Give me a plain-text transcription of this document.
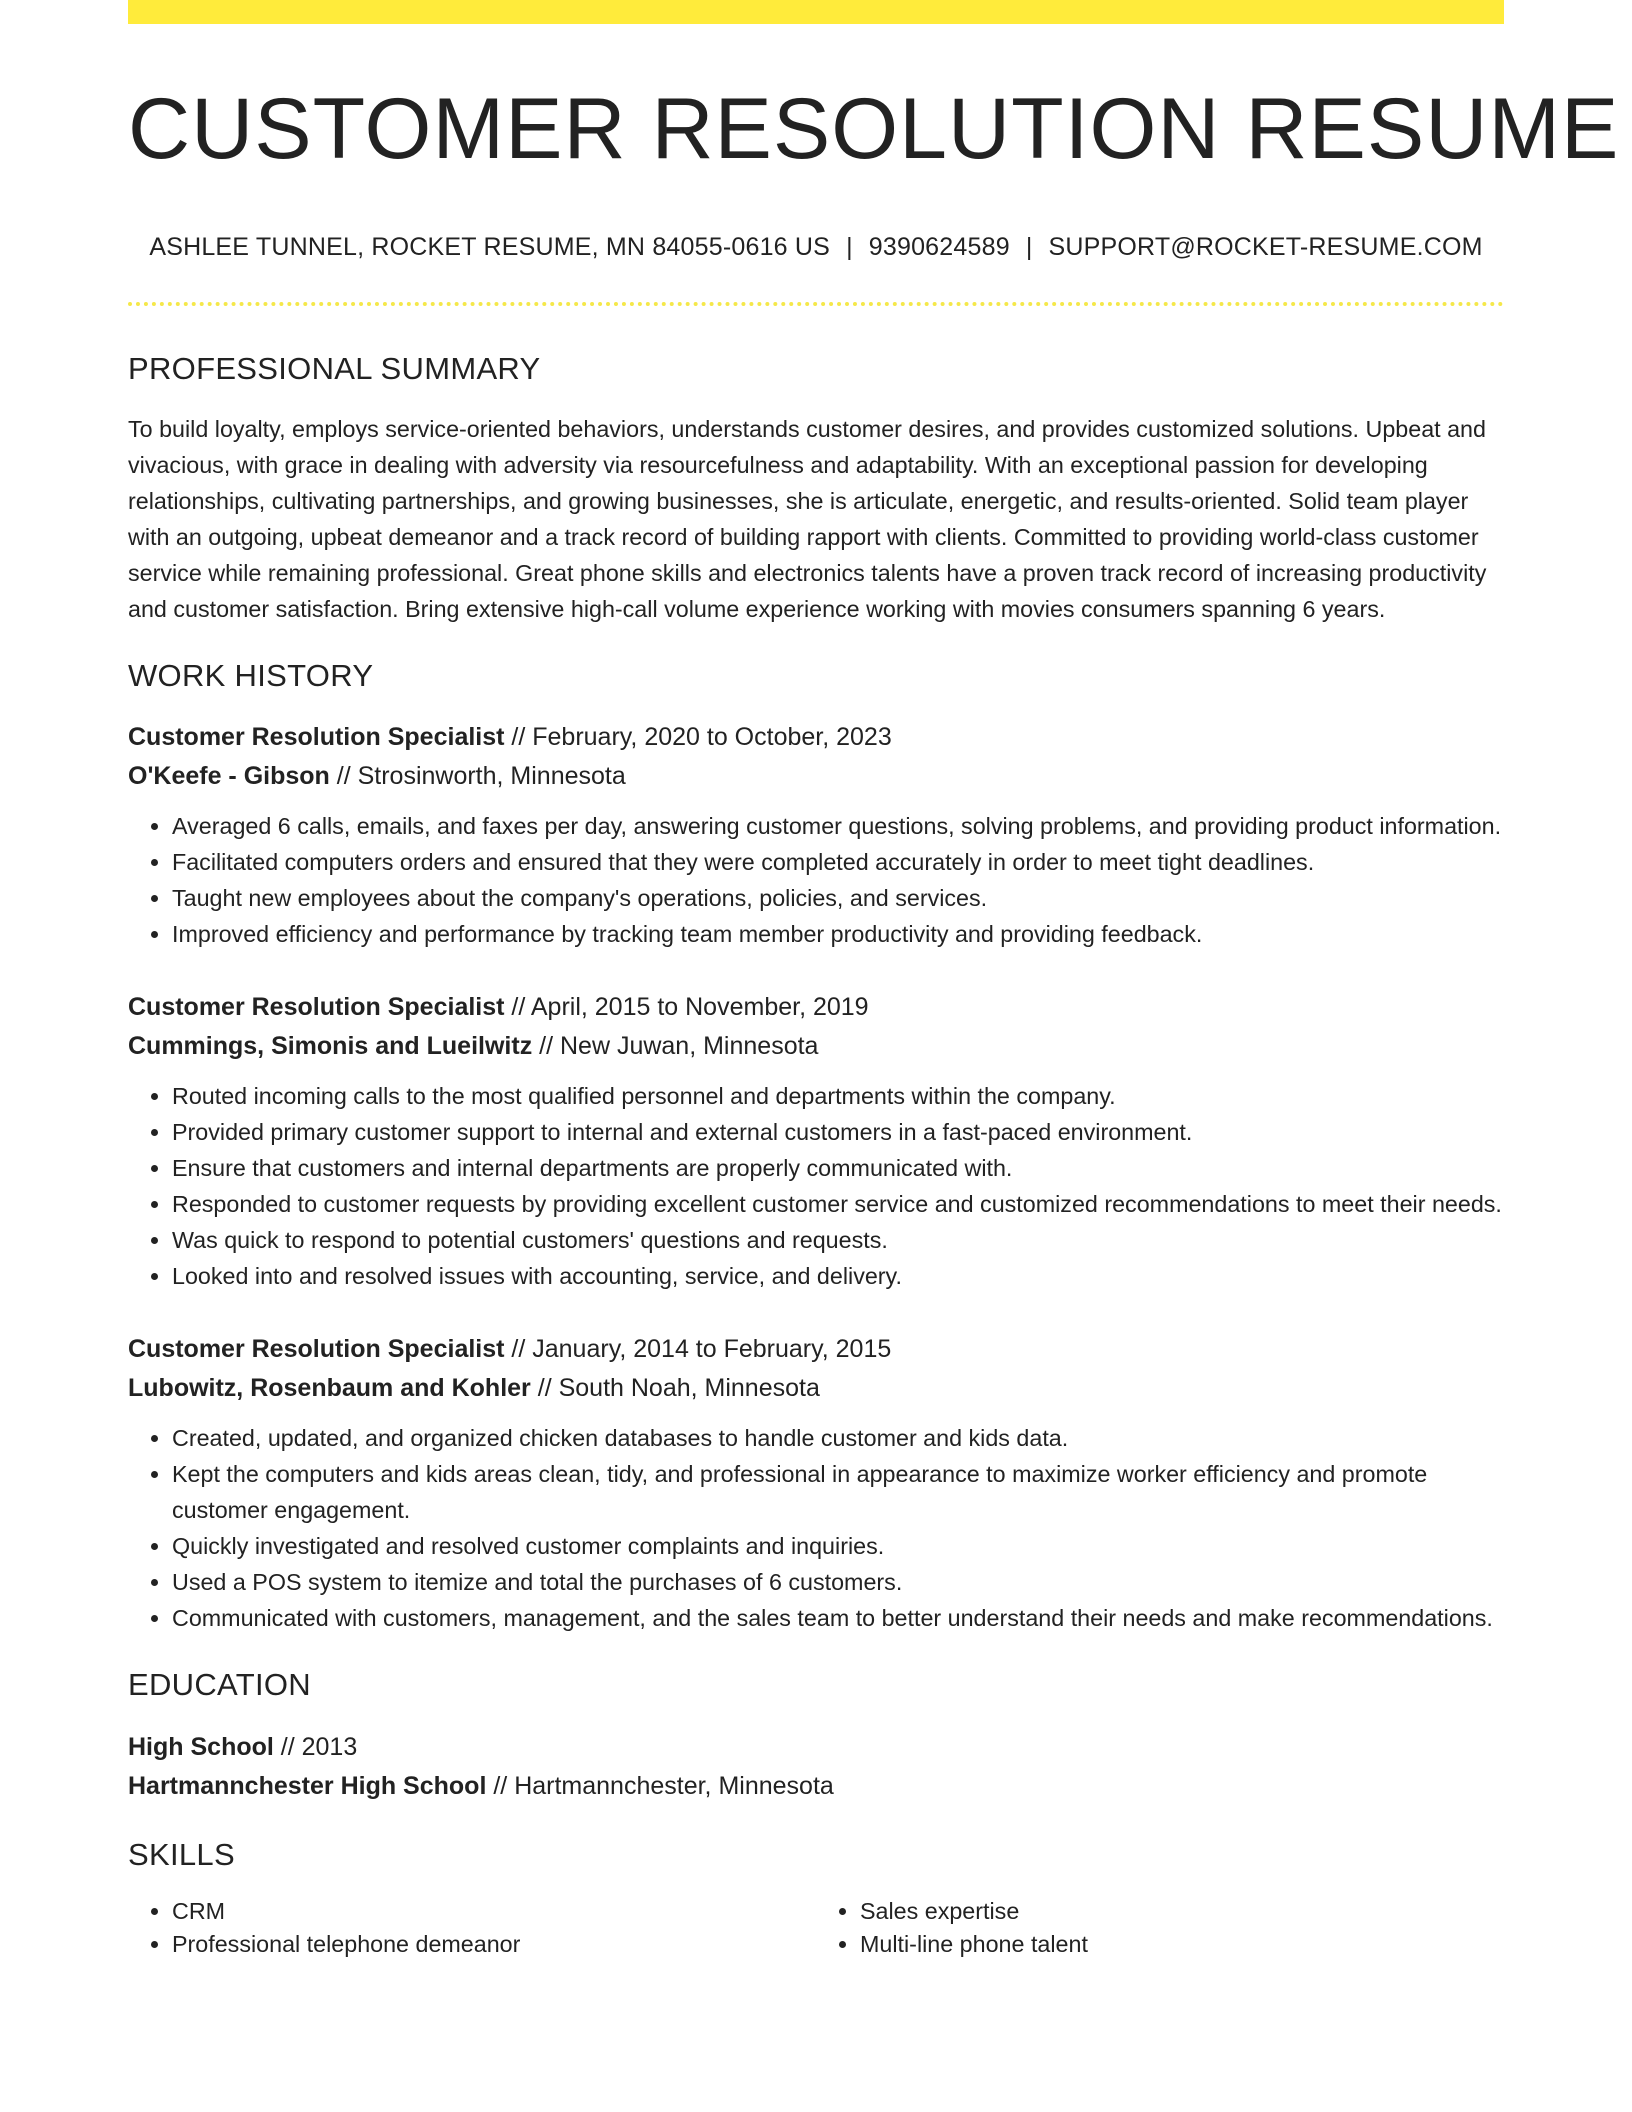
CUSTOMER RESOLUTION RESUME
ASHLEE TUNNEL, ROCKET RESUME, MN 84055-0616 US | 9390624589 | SUPPORT@ROCKET-RESUME.COM
PROFESSIONAL SUMMARY

To build loyalty, employs service-oriented behaviors, understands customer desires, and provides customized solutions. Upbeat and vivacious, with grace in dealing with adversity via resourcefulness and adaptability. With an exceptional passion for developing relationships, cultivating partnerships, and growing businesses, she is articulate, energetic, and results-oriented. Solid team player with an outgoing, upbeat demeanor and a track record of building rapport with clients. Committed to providing world-class customer service while remaining professional. Great phone skills and electronics talents have a proven track record of increasing productivity and customer satisfaction. Bring extensive high-call volume experience working with movies consumers spanning 6 years.

WORK HISTORY
Customer Resolution Specialist // February, 2020 to October, 2023
O'Keefe - Gibson // Strosinworth, Minnesota
• Averaged 6 calls, emails, and faxes per day, answering customer questions, solving problems, and providing product information.
• Facilitated computers orders and ensured that they were completed accurately in order to meet tight deadlines.
• Taught new employees about the company's operations, policies, and services.
• Improved efficiency and performance by tracking team member productivity and providing feedback.
Customer Resolution Specialist // April, 2015 to November, 2019
Cummings, Simonis and Lueilwitz // New Juwan, Minnesota
• Routed incoming calls to the most qualified personnel and departments within the company.
• Provided primary customer support to internal and external customers in a fast-paced environment.
• Ensure that customers and internal departments are properly communicated with.
• Responded to customer requests by providing excellent customer service and customized recommendations to meet their needs.
• Was quick to respond to potential customers' questions and requests.
• Looked into and resolved issues with accounting, service, and delivery.
Customer Resolution Specialist // January, 2014 to February, 2015
Lubowitz, Rosenbaum and Kohler // South Noah, Minnesota
• Created, updated, and organized chicken databases to handle customer and kids data.
• Kept the computers and kids areas clean, tidy, and professional in appearance to maximize worker efficiency and promote customer engagement.
• Quickly investigated and resolved customer complaints and inquiries.
• Used a POS system to itemize and total the purchases of 6 customers.
• Communicated with customers, management, and the sales team to better understand their needs and make recommendations.
EDUCATION
High School // 2013
Hartmannchester High School // Hartmannchester, Minnesota
SKILLS
• CRM
• Professional telephone demeanor
• Sales expertise
• Multi-line phone talent
